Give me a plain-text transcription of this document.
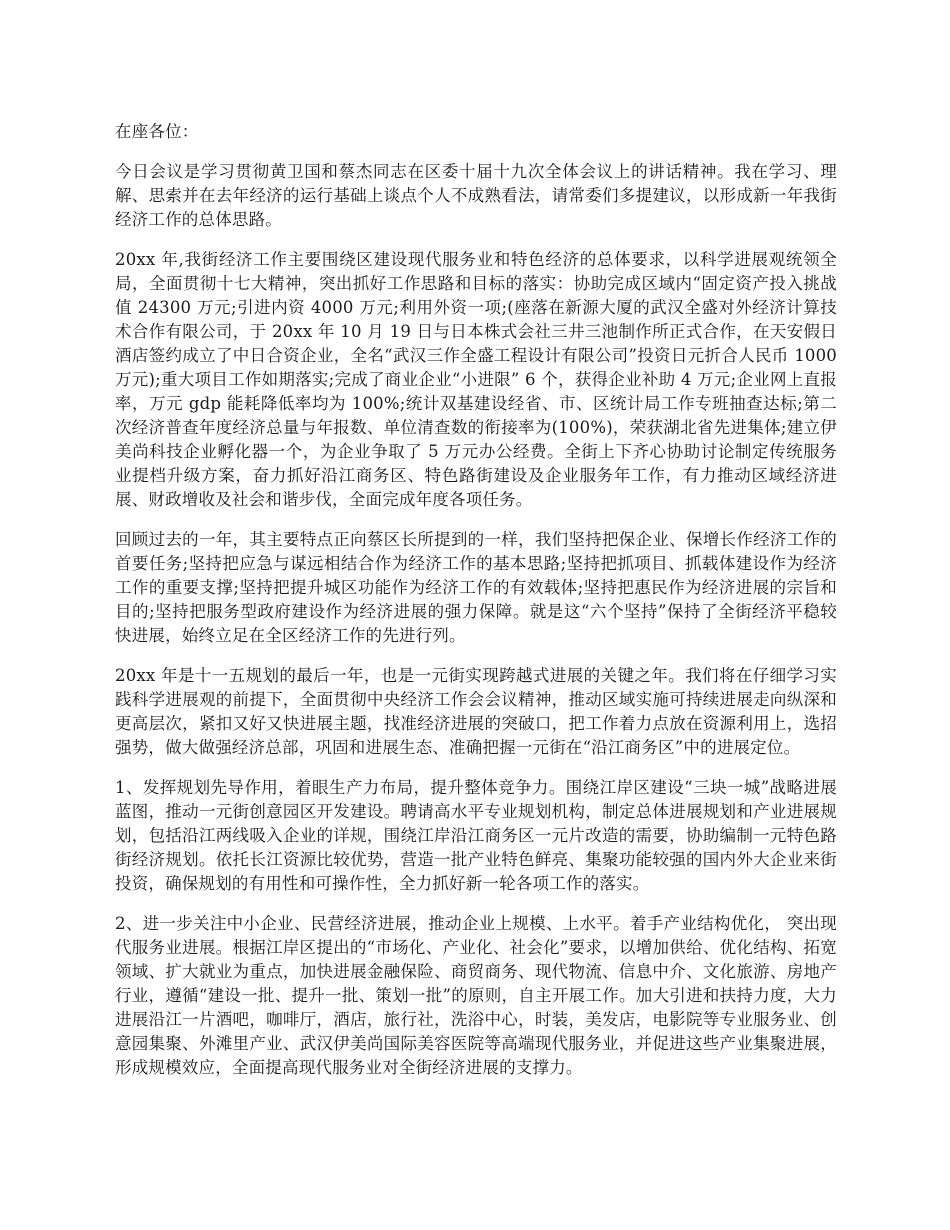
在座各位：

今日会议是学习贯彻黄卫国和蔡杰同志在区委十届十九次全体会议上的讲话精神。我在学习、理解、思索并在去年经济的运行基础上谈点个人不成熟看法，请常委们多提建议，以形成新一年我街经济工作的总体思路。

20xx 年,我街经济工作主要围绕区建设现代服务业和特色经济的总体要求，以科学进展观统领全局，全面贯彻十七大精神，突出抓好工作思路和目标的落实：协助完成区域内“固定资产投入挑战值 24300 万元;引进内资 4000 万元;利用外资一项;(座落在新源大厦的武汉全盛对外经济计算技术合作有限公司，于 20xx 年 10 月 19 日与日本株式会社三井三池制作所正式合作，在天安假日酒店签约成立了中日合资企业，全名“武汉三作全盛工程设计有限公司”投资日元折合人民币 1000 万元);重大项目工作如期落实;完成了商业企业“小进限” 6 个，获得企业补助 4 万元;企业网上直报率，万元 gdp 能耗降低率均为 100%;统计双基建设经省、市、区统计局工作专班抽查达标;第二次经济普查年度经济总量与年报数、单位清查数的衔接率为(100%)，荣获湖北省先进集体;建立伊美尚科技企业孵化器一个，为企业争取了 5 万元办公经费。全街上下齐心协助讨论制定传统服务业提档升级方案，奋力抓好沿江商务区、特色路街建设及企业服务年工作，有力推动区域经济进展、财政增收及社会和谐步伐，全面完成年度各项任务。

回顾过去的一年，其主要特点正向蔡区长所提到的一样，我们坚持把保企业、保增长作经济工作的首要任务;坚持把应急与谋远相结合作为经济工作的基本思路;坚持把抓项目、抓载体建设作为经济工作的重要支撑;坚持把提升城区功能作为经济工作的有效载体;坚持把惠民作为经济进展的宗旨和目的;坚持把服务型政府建设作为经济进展的强力保障。就是这“六个坚持”保持了全街经济平稳较快进展，始终立足在全区经济工作的先进行列。

20xx 年是十一五规划的最后一年，也是一元街实现跨越式进展的关键之年。我们将在仔细学习实践科学进展观的前提下，全面贯彻中央经济工作会会议精神，推动区域实施可持续进展走向纵深和更高层次，紧扣又好又快进展主题，找准经济进展的突破口，把工作着力点放在资源利用上，选招强势，做大做强经济总部，巩固和进展生态、准确把握一元街在“沿江商务区”中的进展定位。

1、发挥规划先导作用，着眼生产力布局，提升整体竞争力。围绕江岸区建设“三块一城”战略进展蓝图，推动一元街创意园区开发建设。聘请高水平专业规划机构，制定总体进展规划和产业进展规划，包括沿江两线吸入企业的详规，围绕江岸沿江商务区一元片改造的需要，协助编制一元特色路街经济规划。依托长江资源比较优势，营造一批产业特色鲜亮、集聚功能较强的国内外大企业来街投资，确保规划的有用性和可操作性，全力抓好新一轮各项工作的落实。

2、进一步关注中小企业、民营经济进展，推动企业上规模、上水平。着手产业结构优化， 突出现代服务业进展。根据江岸区提出的“市场化、产业化、社会化”要求，以增加供给、优化结构、拓宽领域、扩大就业为重点，加快进展金融保险、商贸商务、现代物流、信息中介、文化旅游、房地产行业，遵循“建设一批、提升一批、策划一批”的原则，自主开展工作。加大引进和扶持力度，大力进展沿江一片酒吧，咖啡厅，酒店，旅行社，洗浴中心，时装，美发店，电影院等专业服务业、创意园集聚、外滩里产业、武汉伊美尚国际美容医院等高端现代服务业，并促进这些产业集聚进展，形成规模效应，全面提高现代服务业对全街经济进展的支撑力。
